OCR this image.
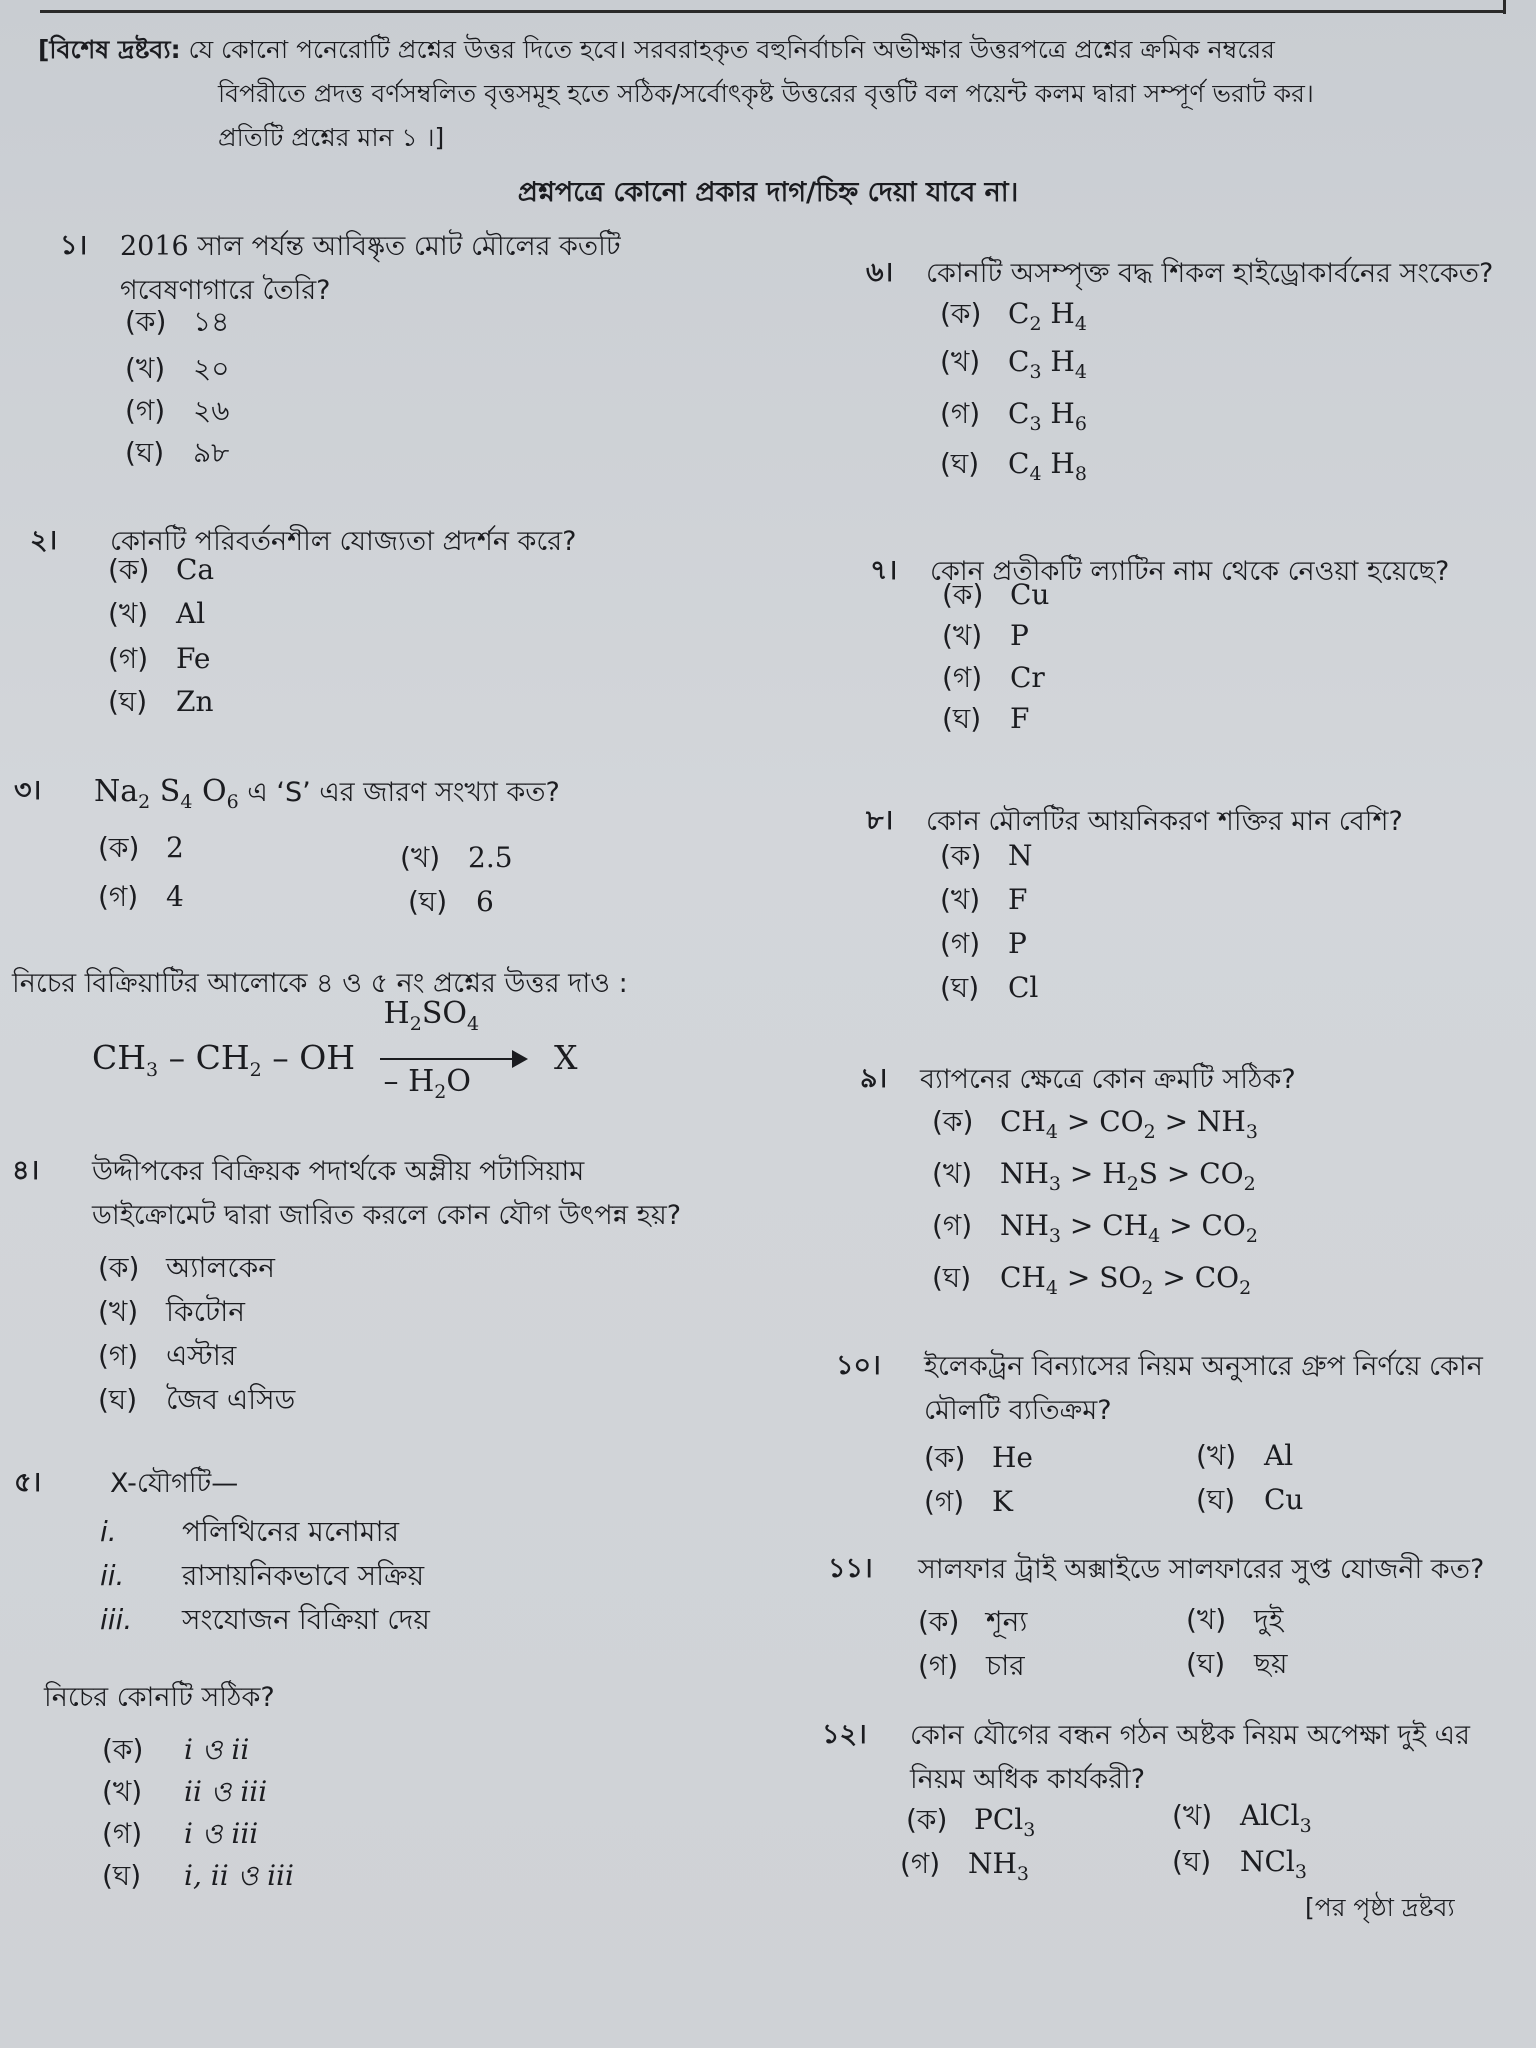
[বিশেষ দ্রষ্টব্য: যে কোনো পনেরোটি প্রশ্নের উত্তর দিতে হবে। সরবরাহকৃত বহুনির্বাচনি অভীক্ষার উত্তরপত্রে প্রশ্নের ক্রমিক নম্বরের
বিপরীতে প্রদত্ত বর্ণসম্বলিত বৃত্তসমূহ হতে সঠিক/সর্বোৎকৃষ্ট উত্তরের বৃত্তটি বল পয়েন্ট কলম দ্বারা সম্পূর্ণ ভরাট কর।
প্রতিটি প্রশ্নের মান ১ ।]
প্রশ্নপত্রে কোনো প্রকার দাগ/চিহ্ন দেয়া যাবে না।
১। 2016 সাল পর্যন্ত আবিষ্কৃত মোট মৌলের কতটি গবেষণাগারে তৈরি?
(ক) ১৪
(খ) ২০
(গ) ২৬
(ঘ) ৯৮
২। কোনটি পরিবর্তনশীল যোজ্যতা প্রদর্শন করে?
(ক) Ca
(খ) Al
(গ) Fe
(ঘ) Zn
৩। $Na_2$ $S_4$ $O_6$ এ ‘S’ এর জারণ সংখ্যা কত?
(ক) 2	(খ) 2.5
(গ) 4	(ঘ) 6
নিচের বিক্রিয়াটির আলোকে ৪ ও ৫ নং প্রশ্নের উত্তর দাও :
$CH_3 - CH_2$ – OH $\frac{H_2SO_4}{- H_2O}$ X
৪। উদ্দীপকের বিক্রিয়ক পদার্থকে অম্লীয় পটাসিয়াম ডাইক্রোমেট দ্বারা জারিত করলে কোন যৌগ উৎপন্ন হয়?
(ক) অ্যালকেন
(খ) কিটোন
(গ) এস্টার
(ঘ) জৈব এসিড
৫।	X-যৌগটি—
i. পলিথিনের মনোমার
ii. রাসায়নিকভাবে সক্রিয়
iii. সংযোজন বিক্রিয়া দেয়
নিচের কোনটি সঠিক?
(ক) i ও ii
(খ) ii ও iii
(গ) i ও iii
(ঘ) i, ii ও iii
৬। কোনটি অসম্পৃক্ত বদ্ধ শিকল হাইড্রোকার্বনের সংকেত?
(ক) $C_2$ $H_4$
(খ) $C_3$ $H_4$
(গ) $C_3$ $H_6$
(ঘ) $C_4$ $H_8$
৭। কোন প্রতীকটি ল্যাটিন নাম থেকে নেওয়া হয়েছে?
(ক) Cu
(খ) P
(গ) Cr
(ঘ) F
৮। কোন মৌলটির আয়নিকরণ শক্তির মান বেশি?
(ক) N
(খ) F
(গ) P
(ঘ) Cl
৯। ব্যাপনের ক্ষেত্রে কোন ক্রমটি সঠিক?
(ক) $CH_4 > CO_2 > NH_3$
(খ) $NH_3 > H_2S > CO_2$
(গ) $NH_3 > CH_4 > CO_2$
(ঘ) $CH_4 > SO_2 > CO_2$
১০। ইলেকট্রন বিন্যাসের নিয়ম অনুসারে গ্রুপ নির্ণয়ে কোন মৌলটি ব্যতিক্রম?
(ক) He	(খ) Al
(গ) K	(ঘ) Cu
১১। সালফার ট্রাই অক্সাইডে সালফারের সুপ্ত যোজনী কত?
(ক) শূন্য	(খ) দুই
(গ) চার	(ঘ) ছয়
১২। কোন যৌগের বন্ধন গঠন অষ্টক নিয়ম অপেক্ষা দুই এর নিয়ম অধিক কার্যকরী?
(ক) PCl$_3$	(খ) AlCl$_3$
(গ) $NH_3$	(ঘ) NCl$_3$
[পর পৃষ্ঠা দ্রষ্টব্য
